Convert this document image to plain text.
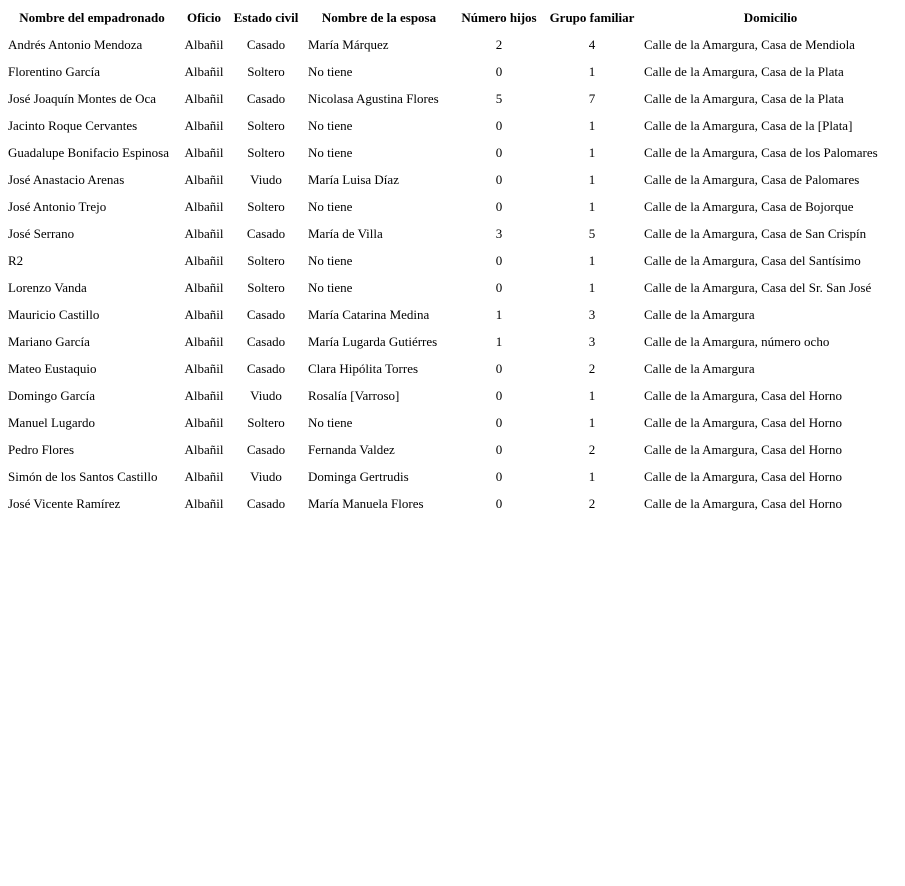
Nombre del empadronado	Oficio	Estado civil	Nombre de la esposa	Número hijos	Grupo familiar	Domicilio
Andrés Antonio Mendoza	Albañil	Casado	María Márquez	2	4	Calle de la Amargura, Casa de Mendiola
Florentino García	Albañil	Soltero	No tiene	0	1	Calle de la Amargura, Casa de la Plata
José Joaquín Montes de Oca	Albañil	Casado	Nicolasa Agustina Flores	5	7	Calle de la Amargura, Casa de la Plata
Jacinto Roque Cervantes	Albañil	Soltero	No tiene	0	1	Calle de la Amargura, Casa de la [Plata]
Guadalupe Bonifacio Espinosa	Albañil	Soltero	No tiene	0	1	Calle de la Amargura, Casa de los Palomares
José Anastacio Arenas	Albañil	Viudo	María Luisa Díaz	0	1	Calle de la Amargura, Casa de Palomares
José Antonio Trejo	Albañil	Soltero	No tiene	0	1	Calle de la Amargura, Casa de Bojorque
José Serrano	Albañil	Casado	María de Villa	3	5	Calle de la Amargura, Casa de San Crispín
R2	Albañil	Soltero	No tiene	0	1	Calle de la Amargura, Casa del Santísimo
Lorenzo Vanda	Albañil	Soltero	No tiene	0	1	Calle de la Amargura, Casa del Sr. San José
Mauricio Castillo	Albañil	Casado	María Catarina Medina	1	3	Calle de la Amargura
Mariano García	Albañil	Casado	María Lugarda Gutiérres	1	3	Calle de la Amargura, número ocho
Mateo Eustaquio	Albañil	Casado	Clara Hipólita Torres	0	2	Calle de la Amargura
Domingo García	Albañil	Viudo	Rosalía [Varroso]	0	1	Calle de la Amargura, Casa del Horno
Manuel Lugardo	Albañil	Soltero	No tiene	0	1	Calle de la Amargura, Casa del Horno
Pedro Flores	Albañil	Casado	Fernanda Valdez	0	2	Calle de la Amargura, Casa del Horno
Simón de los Santos Castillo	Albañil	Viudo	Dominga Gertrudis	0	1	Calle de la Amargura, Casa del Horno
José Vicente Ramírez	Albañil	Casado	María Manuela Flores	0	2	Calle de la Amargura, Casa del Horno
